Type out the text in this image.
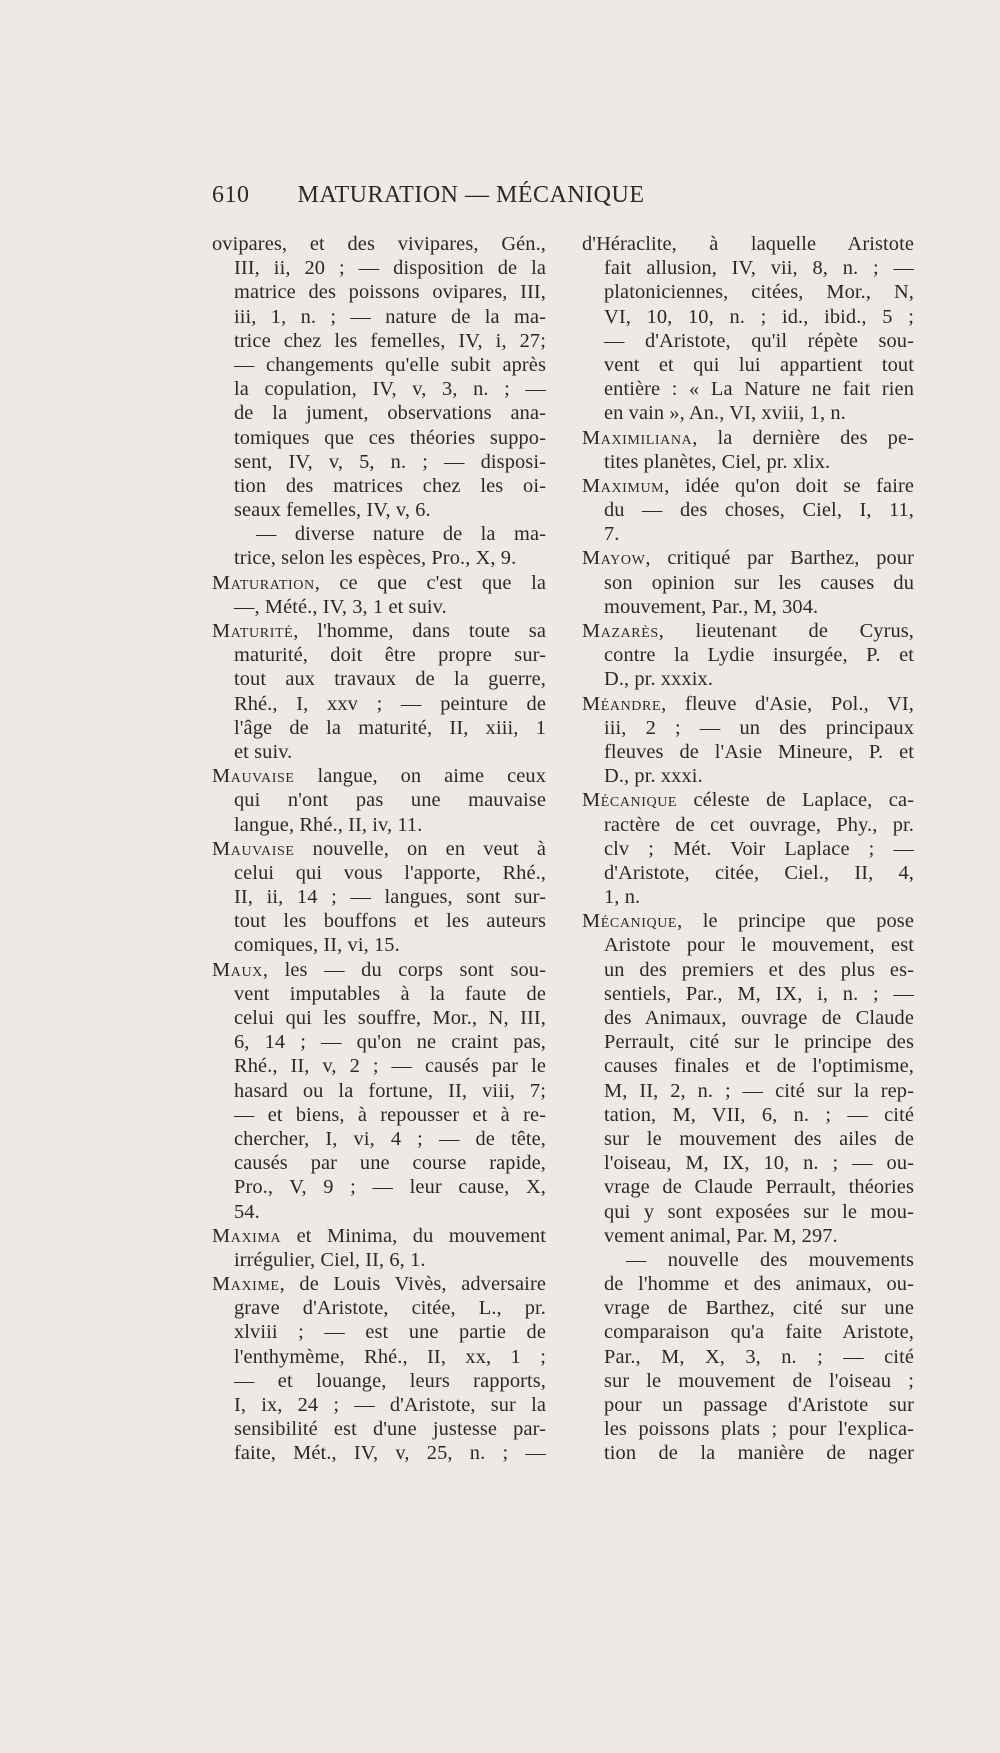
610	MATURATION — MÉCANIQUE
ovipares, et des vivipares, Gén.,
III, ii, 20 ; — disposition de la
matrice des poissons ovipares, III,
iii, 1, n. ; — nature de la ma-
trice chez les femelles, IV, i, 27;
— changements qu'elle subit après
la copulation, IV, v, 3, n. ; —
de la jument, observations ana-
tomiques que ces théories suppo-
sent, IV, v, 5, n. ; — disposi-
tion des matrices chez les oi-
seaux femelles, IV, v, 6.
— diverse nature de la ma-
trice, selon les espèces, Pro., X, 9.
Maturation, ce que c'est que la
—, Mété., IV, 3, 1 et suiv.
Maturité, l'homme, dans toute sa
maturité, doit être propre sur-
tout aux travaux de la guerre,
Rhé., I, xxv ; — peinture de
l'âge de la maturité, II, xiii, 1
et suiv.
Mauvaise langue, on aime ceux
qui n'ont pas une mauvaise
langue, Rhé., II, iv, 11.
Mauvaise nouvelle, on en veut à
celui qui vous l'apporte, Rhé.,
II, ii, 14 ; — langues, sont sur-
tout les bouffons et les auteurs
comiques, II, vi, 15.
Maux, les — du corps sont sou-
vent imputables à la faute de
celui qui les souffre, Mor., N, III,
6, 14 ; — qu'on ne craint pas,
Rhé., II, v, 2 ; — causés par le
hasard ou la fortune, II, viii, 7;
— et biens, à repousser et à re-
chercher, I, vi, 4 ; — de tête,
causés par une course rapide,
Pro., V, 9 ; — leur cause, X,
54.
Maxima et Minima, du mouvement
irrégulier, Ciel, II, 6, 1.
Maxime, de Louis Vivès, adversaire
grave d'Aristote, citée, L., pr.
xlviii ; — est une partie de
l'enthymème, Rhé., II, xx, 1 ;
— et louange, leurs rapports,
I, ix, 24 ; — d'Aristote, sur la
sensibilité est d'une justesse par-
faite, Mét., IV, v, 25, n. ; —
d'Héraclite, à laquelle Aristote
fait allusion, IV, vii, 8, n. ; —
platoniciennes, citées, Mor., N,
VI, 10, 10, n. ; id., ibid., 5 ;
— d'Aristote, qu'il répète sou-
vent et qui lui appartient tout
entière : « La Nature ne fait rien
en vain », An., VI, xviii, 1, n.
Maximiliana, la dernière des pe-
tites planètes, Ciel, pr. xlix.
Maximum, idée qu'on doit se faire
du — des choses, Ciel, I, 11,
7.
Mayow, critiqué par Barthez, pour
son opinion sur les causes du
mouvement, Par., M, 304.
Mazarès, lieutenant de Cyrus,
contre la Lydie insurgée, P. et
D., pr. xxxix.
Méandre, fleuve d'Asie, Pol., VI,
iii, 2 ; — un des principaux
fleuves de l'Asie Mineure, P. et
D., pr. xxxi.
Mécanique céleste de Laplace, ca-
ractère de cet ouvrage, Phy., pr.
clv ; Mét. Voir Laplace ; —
d'Aristote, citée, Ciel., II, 4,
1, n.
Mécanique, le principe que pose
Aristote pour le mouvement, est
un des premiers et des plus es-
sentiels, Par., M, IX, i, n. ; —
des Animaux, ouvrage de Claude
Perrault, cité sur le principe des
causes finales et de l'optimisme,
M, II, 2, n. ; — cité sur la rep-
tation, M, VII, 6, n. ; — cité
sur le mouvement des ailes de
l'oiseau, M, IX, 10, n. ; — ou-
vrage de Claude Perrault, théories
qui y sont exposées sur le mou-
vement animal, Par. M, 297.
— nouvelle des mouvements
de l'homme et des animaux, ou-
vrage de Barthez, cité sur une
comparaison qu'a faite Aristote,
Par., M, X, 3, n. ; — cité
sur le mouvement de l'oiseau ;
pour un passage d'Aristote sur
les poissons plats ; pour l'explica-
tion de la manière de nager
